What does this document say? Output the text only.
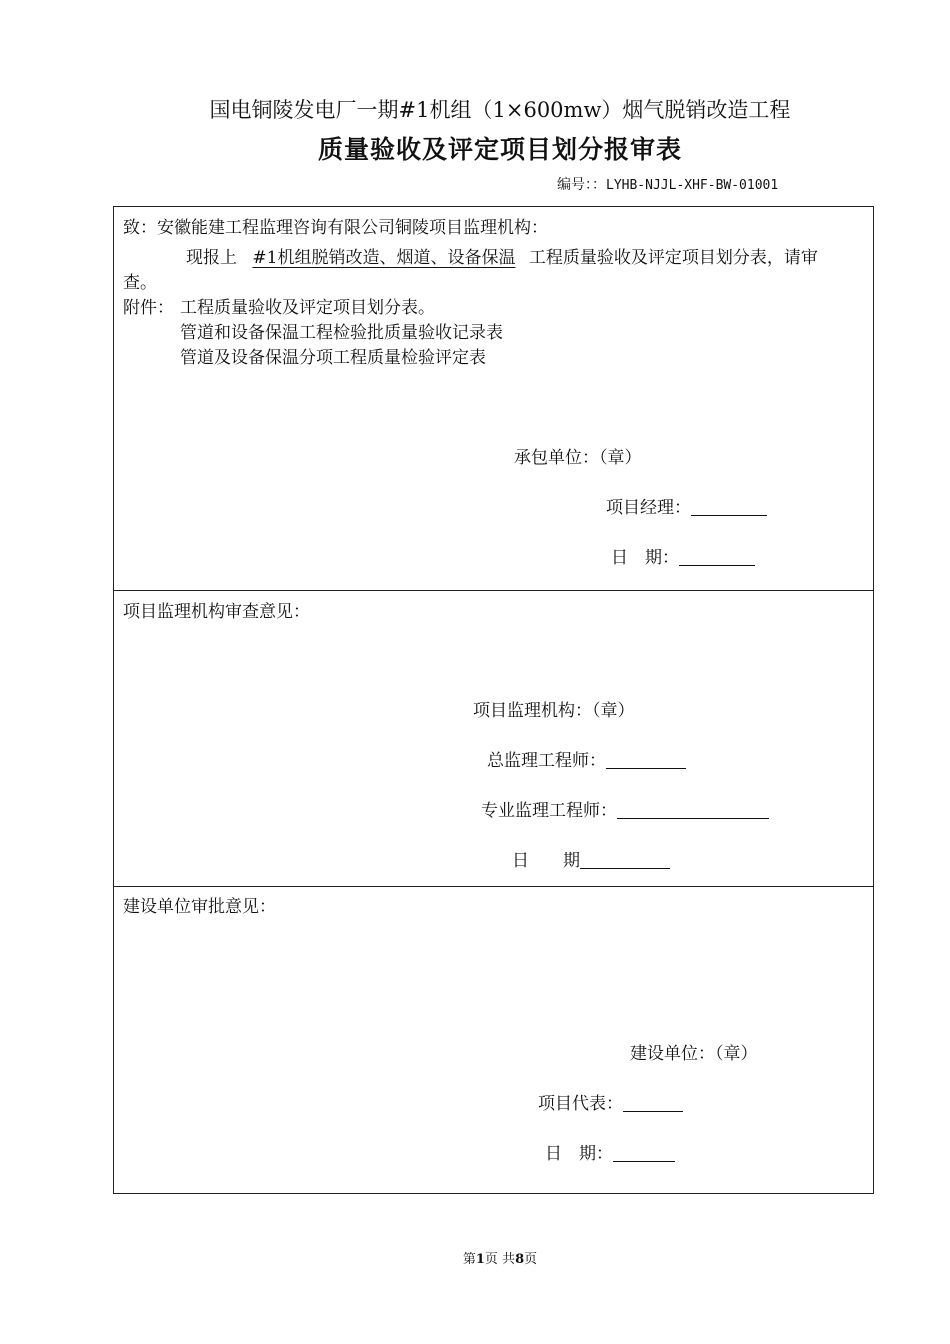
国电铜陵发电厂一期#1机组（1×600mw）烟气脱销改造工程
质量验收及评定项目划分报审表
编号：：LYHB-NJJL-XHF-BW-01001
致：安徽能建工程监理咨询有限公司铜陵项目监理机构：
现报上 #1机组脱销改造、烟道、设备保温 工程质量验收及评定项目划分表，请审
查。
附件： 工程质量验收及评定项目划分表。
管道和设备保温工程检验批质量验收记录表
管道及设备保温分项工程质量检验评定表
承包单位：（章）
项目经理：
日　期：
项目监理机构审查意见：
项目监理机构：（章）
总监理工程师：
专业监理工程师：
日　　期
建设单位审批意见：
建设单位：（章）
项目代表：
日　期：
第1页 共8页
